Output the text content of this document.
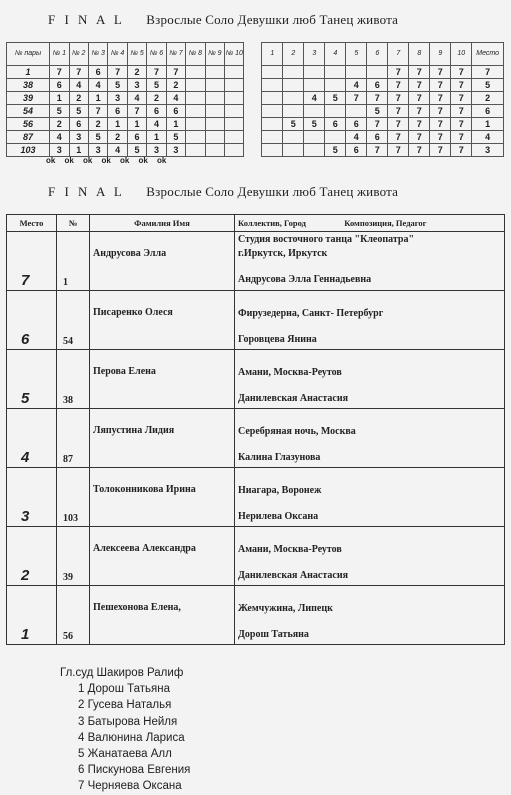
F I N A L Взрослые Соло Девушки люб Танец живота
№ пары	№ 1	№ 2	№ 3	№ 4	№ 5	№ 6	№ 7	№ 8	№ 9	№ 10		1	2	3	4	5	6	7	8	9	10	Место
1	7	7	6	7	2	7	7											7	7	7	7	7
38	6	4	4	5	3	5	2									4	6	7	7	7	7	5
39	1	2	1	3	4	2	4							4	5	7	7	7	7	7	7	2
54	5	5	7	6	7	6	6										5	7	7	7	7	6
56	2	6	2	1	1	4	1						5	5	6	6	7	7	7	7	7	1
87	4	3	5	2	6	1	5									4	6	7	7	7	7	4
103	3	1	3	4	5	3	3								5	6	7	7	7	7	7	3
ok ok ok ok ok ok ok
F I N A L Взрослые Соло Девушки люб Танец живота
Место	№	Фамилия Имя	Коллектив, Город Композиция, Педагог

7	1	Андрусова Элла	Студия восточного танца "Клеопатра"
г.Иркутск, Иркутск
Андрусова Элла Геннадьевна

6	54	Писаренко Олеся	Фирузедерна, Санкт- Петербург
Горовцева Янина

5	38	Перова Елена	Амани, Москва-Реутов
Данилевская Анастасия

4	87	Ляпустина Лидия	Серебряная ночь, Москва
Калина Глазунова

3	103	Толоконникова Ирина	Ниагара, Воронеж
Нерилева Оксана

2	39	Алексеева Александра	Амани, Москва-Реутов
Данилевская Анастасия

1	56	Пешехонова Елена,	Жемчужина, Липецк
Дорош Татьяна
Гл.суд Шакиров Ралиф
1 Дорош Татьяна
2 Гусева Наталья
3 Батырова Нейля
4 Валюнина Лариса
5 Жанатаева Алл
6 Пискунова Евгения
7 Черняева Оксана
